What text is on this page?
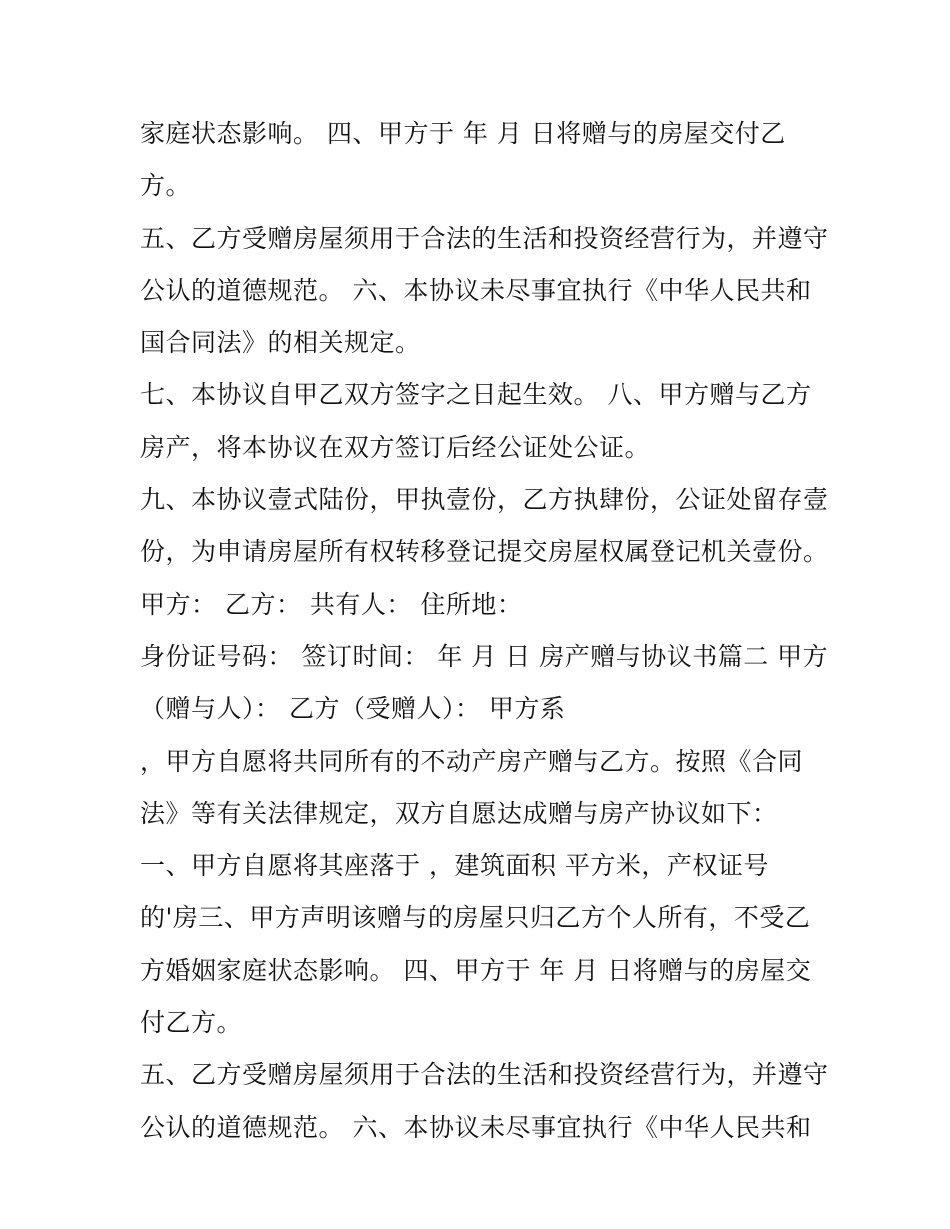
家庭状态影响。 四、甲方于 年 月 日将赠与的房屋交付乙
方。
五、乙方受赠房屋须用于合法的生活和投资经营行为，并遵守
公认的道德规范。 六、本协议未尽事宜执行《中华人民共和
国合同法》的相关规定。
七、本协议自甲乙双方签字之日起生效。 八、甲方赠与乙方
房产，将本协议在双方签订后经公证处公证。
九、本协议壹式陆份，甲执壹份，乙方执肆份，公证处留存壹
份，为申请房屋所有权转移登记提交房屋权属登记机关壹份。
甲方： 乙方： 共有人： 住所地：
身份证号码： 签订时间： 年 月 日 房产赠与协议书篇二 甲方
（赠与人）： 乙方（受赠人）： 甲方系
，甲方自愿将共同所有的不动产房产赠与乙方。按照《合同
法》等有关法律规定，双方自愿达成赠与房产协议如下：
一、甲方自愿将其座落于 ，建筑面积 平方米，产权证号
的'房三、甲方声明该赠与的房屋只归乙方个人所有，不受乙
方婚姻家庭状态影响。 四、甲方于 年 月 日将赠与的房屋交
付乙方。
五、乙方受赠房屋须用于合法的生活和投资经营行为，并遵守
公认的道德规范。 六、本协议未尽事宜执行《中华人民共和
